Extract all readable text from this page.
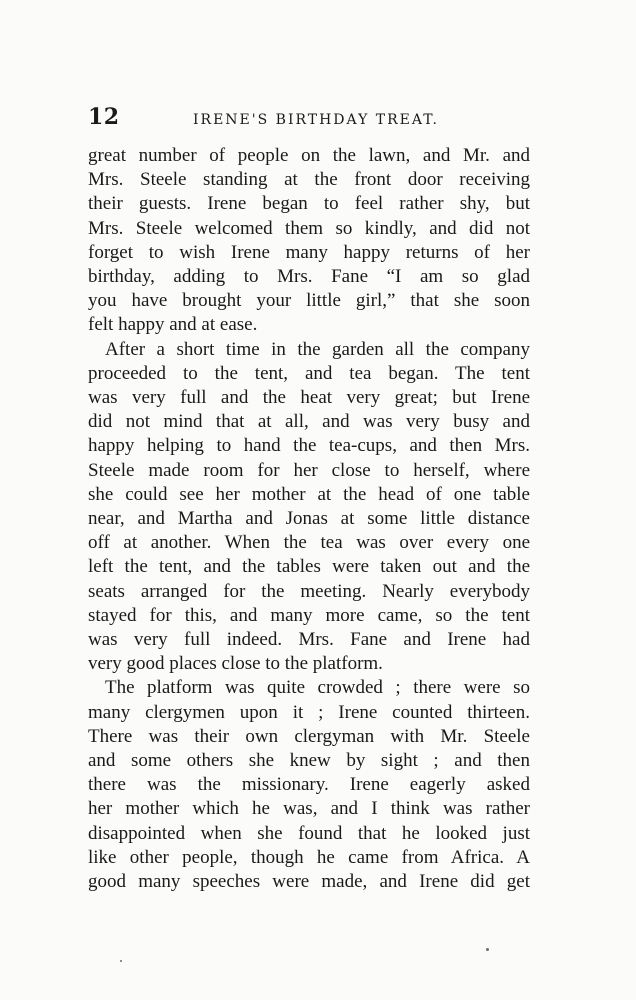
12	IRENE'S BIRTHDAY TREAT.

great number of people on the lawn, and Mr. and
Mrs. Steele standing at the front door receiving
their guests. Irene began to feel rather shy, but
Mrs. Steele welcomed them so kindly, and did not
forget to wish Irene many happy returns of her
birthday, adding to Mrs. Fane “I am so glad
you have brought your little girl,” that she soon
felt happy and at ease.

After a short time in the garden all the company
proceeded to the tent, and tea began. The tent
was very full and the heat very great; but Irene
did not mind that at all, and was very busy and
happy helping to hand the tea-cups, and then Mrs.
Steele made room for her close to herself, where
she could see her mother at the head of one table
near, and Martha and Jonas at some little distance
off at another. When the tea was over every one
left the tent, and the tables were taken out and the
seats arranged for the meeting. Nearly everybody
stayed for this, and many more came, so the tent
was very full indeed. Mrs. Fane and Irene had
very good places close to the platform.

The platform was quite crowded ; there were so
many clergymen upon it ; Irene counted thirteen.
There was their own clergyman with Mr. Steele
and some others she knew by sight ; and then
there was the missionary. Irene eagerly asked
her mother which he was, and I think was rather
disappointed when she found that he looked just
like other people, though he came from Africa. A
good many speeches were made, and Irene did get
